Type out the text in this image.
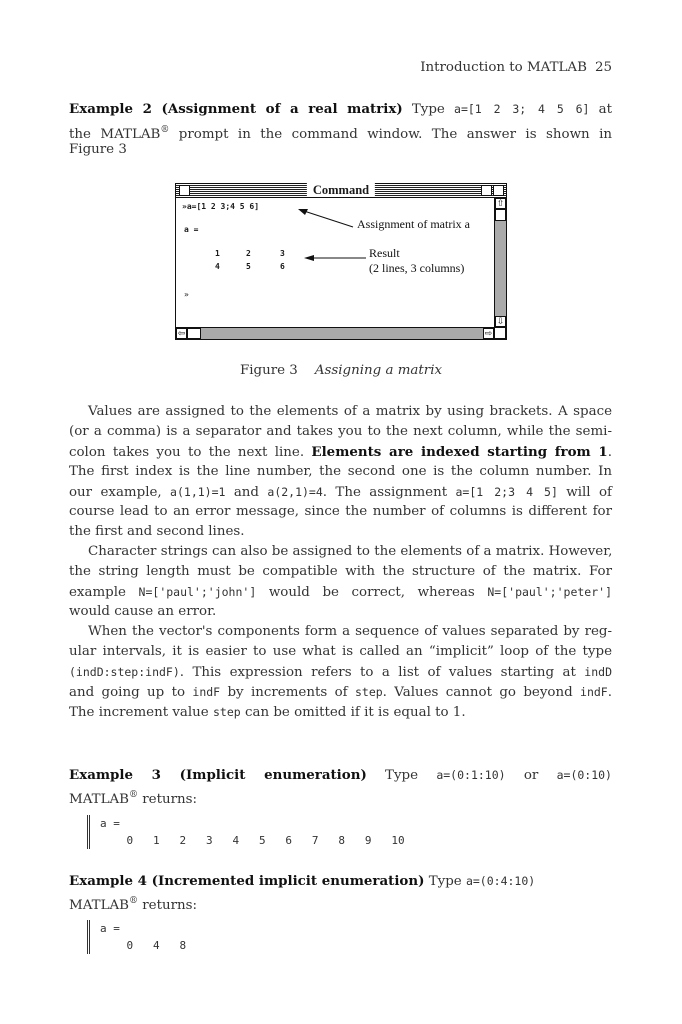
Introduction to MATLAB 25
Command
»a=[1 2 3;4 5 6]
a =
1	2	3
4	5	6
»
Assignment of matrix a
Result
(2 lines, 3 columns)
⇧
⇩
⇦	⇨
Figure 3 Assigning a matrix
Example 2 (Assignment of a real matrix) Type a=[1 2 3; 4 5 6] at
the MATLAB® prompt in the command window. The answer is shown in
Figure 3
Values are assigned to the elements of a matrix by using brackets. A space
(or a comma) is a separator and takes you to the next column, while the semi-
colon takes you to the next line. Elements are indexed starting from 1.
The first index is the line number, the second one is the column number. In
our example, a(1,1)=1 and a(2,1)=4. The assignment a=[1 2;3 4 5] will of
course lead to an error message, since the number of columns is different for
the first and second lines.
Character strings can also be assigned to the elements of a matrix. However,
the string length must be compatible with the structure of the matrix. For
example N=['paul';'john'] would be correct, whereas N=['paul';'peter']
would cause an error.
When the vector's components form a sequence of values separated by reg-
ular intervals, it is easier to use what is called an “implicit” loop of the type
(indD:step:indF). This expression refers to a list of values starting at indD
and going up to indF by increments of step. Values cannot go beyond indF.
The increment value step can be omitted if it is equal to 1.
Example 3 (Implicit enumeration) Type a=(0:1:10) or a=(0:10)
MATLAB® returns:
Example 4 (Incremented implicit enumeration) Type a=(0:4:10)
MATLAB® returns:
a =
0   1   2   3   4   5   6   7   8   9   10
a =
0   4   8
